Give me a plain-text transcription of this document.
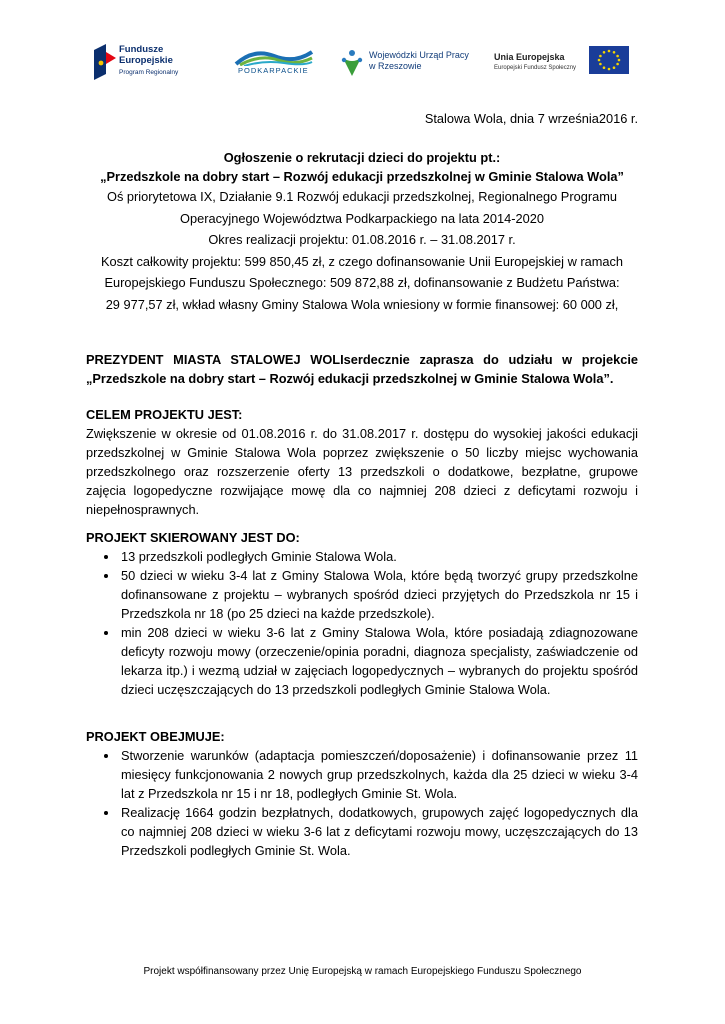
Fundusze
Europejskie
Program Regionalny	PODKARPACKIE
Wojewódzki Urząd Pracy
w Rzeszowie
Unia Europejska
Europejski Fundusz Społeczny
Stalowa Wola, dnia 7 września2016 r.
Ogłoszenie o rekrutacji dzieci do projektu pt.:
„Przedszkole na dobry start – Rozwój edukacji przedszkolnej w Gminie Stalowa Wola”
Oś priorytetowa IX, Działanie 9.1 Rozwój edukacji przedszkolnej, Regionalnego Programu
Operacyjnego Województwa Podkarpackiego na lata 2014-2020
Okres realizacji projektu: 01.08.2016 r. – 31.08.2017 r.
Koszt całkowity projektu: 599 850,45 zł, z czego dofinansowanie Unii Europejskiej w ramach
Europejskiego Funduszu Społecznego: 509 872,88 zł, dofinansowanie z Budżetu Państwa:
29 977,57 zł, wkład własny Gminy Stalowa Wola wniesiony w formie finansowej: 60 000 zł,
PREZYDENT MIASTA STALOWEJ WOLIserdecznie zaprasza do udziału w projekcie
„Przedszkole na dobry start – Rozwój edukacji przedszkolnej w Gminie Stalowa Wola”.
CELEM PROJEKTU JEST:
Zwiększenie w okresie od 01.08.2016 r. do 31.08.2017 r. dostępu do wysokiej jakości edukacji przedszkolnej w Gminie Stalowa Wola poprzez zwiększenie o 50 liczby miejsc wychowania przedszkolnego oraz rozszerzenie oferty 13 przedszkoli o dodatkowe, bezpłatne, grupowe zajęcia logopedyczne rozwijające mowę dla co najmniej 208 dzieci z deficytami rozwoju i niepełnosprawnych.
PROJEKT SKIEROWANY JEST DO:
• 13 przedszkoli podległych Gminie Stalowa Wola.
• 50 dzieci w wieku 3-4 lat z Gminy Stalowa Wola, które będą tworzyć grupy przedszkolne dofinansowane z projektu – wybranych spośród dzieci przyjętych do Przedszkola nr 15 i Przedszkola nr 18 (po 25 dzieci na każde przedszkole).
• min 208 dzieci w wieku 3-6 lat z Gminy Stalowa Wola, które posiadają zdiagnozowane deficyty rozwoju mowy (orzeczenie/opinia poradni, diagnoza specjalisty, zaświadczenie od lekarza itp.) i wezmą udział w zajęciach logopedycznych – wybranych do projektu spośród dzieci uczęszczających do 13 przedszkoli podległych Gminie Stalowa Wola.
PROJEKT OBEJMUJE:
• Stworzenie warunków (adaptacja pomieszczeń/doposażenie) i dofinansowanie przez 11 miesięcy funkcjonowania 2 nowych grup przedszkolnych, każda dla 25 dzieci w wieku 3-4 lat z Przedszkola nr 15 i nr 18, podległych Gminie St. Wola.
• Realizację 1664 godzin bezpłatnych, dodatkowych, grupowych zajęć logopedycznych dla co najmniej 208 dzieci w wieku 3-6 lat z deficytami rozwoju mowy, uczęszczających do 13 Przedszkoli podległych Gminie St. Wola.
Projekt współfinansowany przez Unię Europejską w ramach Europejskiego Funduszu Społecznego
